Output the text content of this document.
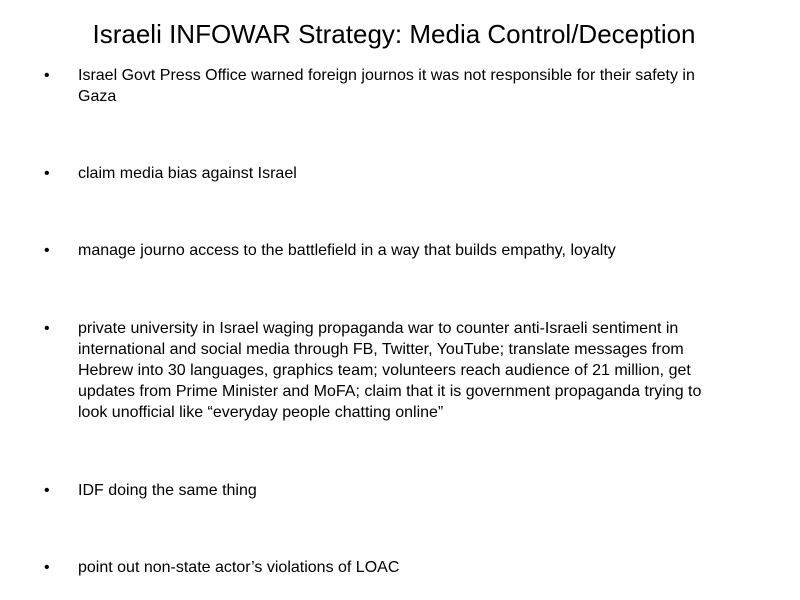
Israeli INFOWAR Strategy: Media Control/Deception
•	Israel Govt Press Office warned foreign journos it was not responsible for their safety in Gaza
•	claim media bias against Israel
•	manage journo access to the battlefield in a way that builds empathy, loyalty
•	private university in Israel waging propaganda war to counter anti-Israeli sentiment in international and social media through FB, Twitter, YouTube; translate messages from Hebrew into 30 languages, graphics team; volunteers reach audience of 21 million, get updates from Prime Minister and MoFA; claim that it is government propaganda trying to look unofficial like “everyday people chatting online”
•	IDF doing the same thing
•	point out non-state actor’s violations of LOAC
